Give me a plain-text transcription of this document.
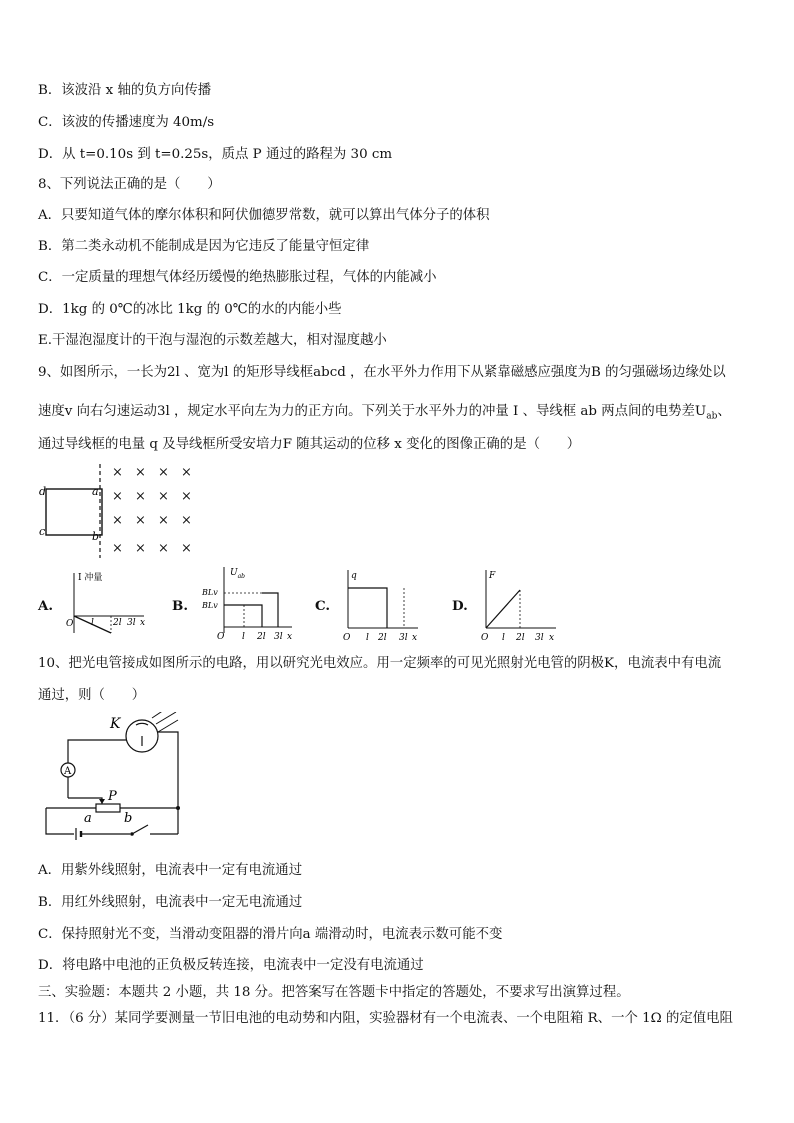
B．该波沿 x 轴的负方向传播
C．该波的传播速度为 40m/s
D．从 t=0.10s 到 t=0.25s，质点 P 通过的路程为 30 cm
8、下列说法正确的是（　　）
A．只要知道气体的摩尔体积和阿伏伽德罗常数，就可以算出气体分子的体积
B．第二类永动机不能制成是因为它违反了能量守恒定律
C．一定质量的理想气体经历缓慢的绝热膨胀过程，气体的内能减小
D．1kg 的 0℃的冰比 1kg 的 0℃的水的内能小些
E.干湿泡湿度计的干泡与湿泡的示数差越大，相对湿度越小
9、如图所示，一长为2l 、宽为l 的矩形导线框abcd ，在水平外力作用下从紧靠磁感应强度为B 的匀强磁场边缘处以
速度v 向右匀速运动3l ，规定水平向左为力的正方向。下列关于水平外力的冲量 I 、导线框 ab 两点间的电势差$U_{ab}$、
通过导线框的电量 q 及导线框所受安培力F 随其运动的位移 x 变化的图像正确的是（　　）
d	a
c	b
× × × ×
× × × ×
× × × ×
× × × ×
A.
I 冲量
O l 2l 3l x
B.
$U_{ab}$
BLv
BLv
O l 2l 3l x
C.
q
O l 2l 3l x
D.
F
O l 2l 3l x
10、把光电管接成如图所示的电路，用以研究光电效应。用一定频率的可见光照射光电管的阴极K，电流表中有电流
通过，则（　　）
A
K
P
a b
A．用紫外线照射，电流表中一定有电流通过
B．用红外线照射，电流表中一定无电流通过
C．保持照射光不变，当滑动变阻器的滑片向a 端滑动时，电流表示数可能不变
D．将电路中电池的正负极反转连接，电流表中一定没有电流通过
三、实验题：本题共 2 小题，共 18 分。把答案写在答题卡中指定的答题处，不要求写出演算过程。
11．（6 分）某同学要测量一节旧电池的电动势和内阻，实验器材有一个电流表、一个电阻箱 R、一个 1Ω 的定值电阻
